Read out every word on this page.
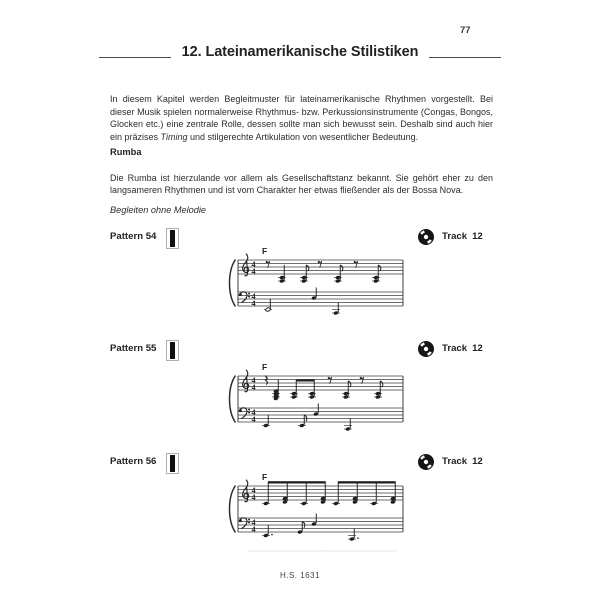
77
12. Lateinamerikanische Stilistiken

In diesem Kapitel werden Begleitmuster für lateinamerikanische Rhythmen vorgestellt. Bei dieser Musik spielen normalerweise Rhythmus- bzw. Perkussionsinstrumente (Congas, Bongos, Glocken etc.) eine zentrale Rolle, dessen sollte man sich bewusst sein. Deshalb sind auch hier ein präzises Timing und stilgerechte Artikulation von wesentlicher Bedeutung.

Rumba

Die Rumba ist hierzulande vor allem als Gesellschaftstanz bekannt. Sie gehört eher zu den langsameren Rhythmen und ist vom Charakter her etwas fließender als der Bossa Nova.

Begleiten ohne Melodie
Pattern 54	Track 12
F
4
4
4
4
Pattern 55	Track 12
F
4
4
4
4
Pattern 56	Track 12
F
4
4
4
4
H.S. 1631
